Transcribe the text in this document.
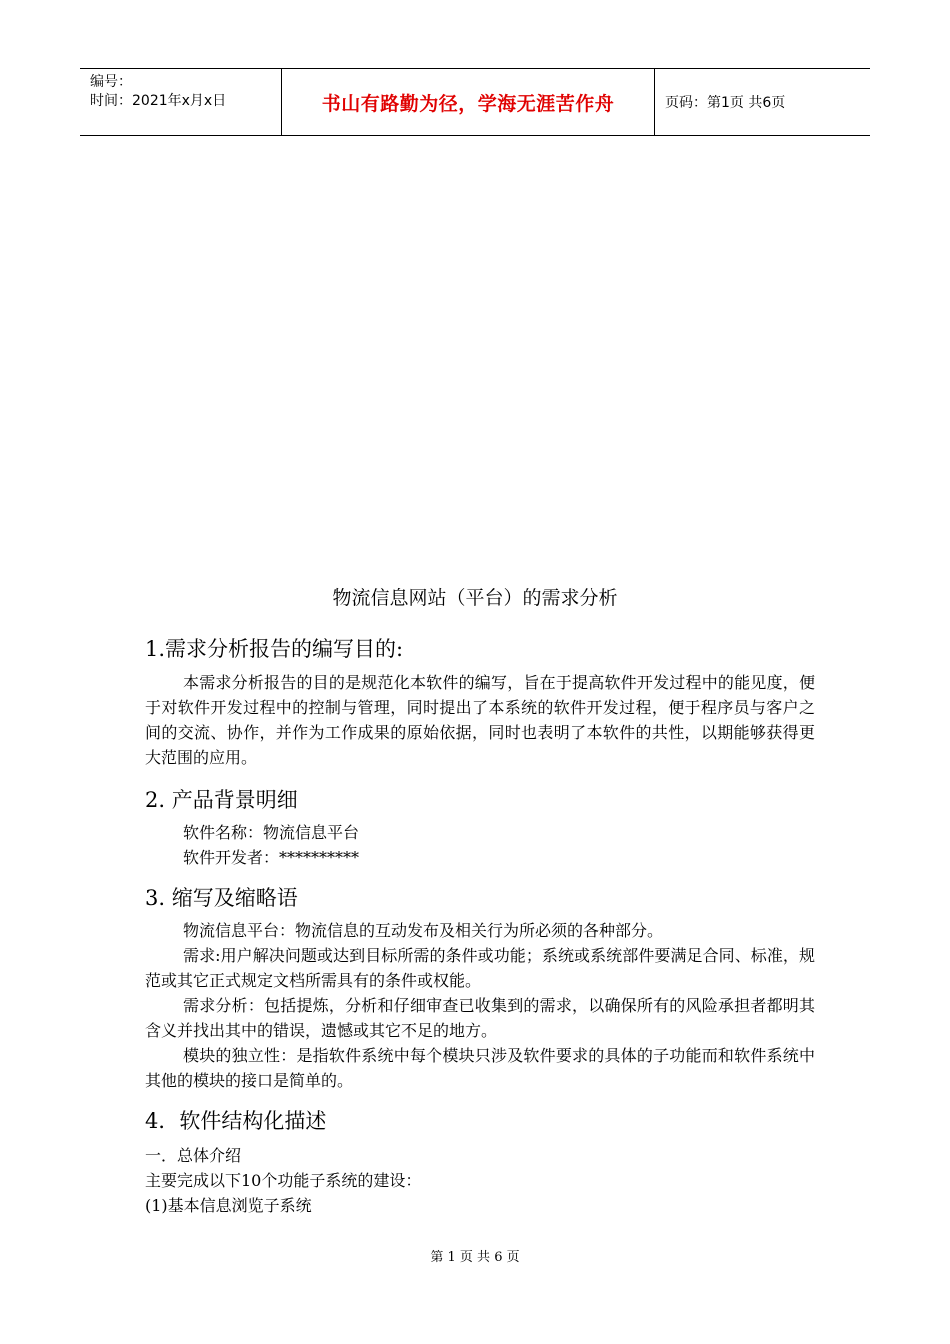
编号：
时间：2021年x月x日	书山有路勤为径，学海无涯苦作舟	页码：第1页 共6页
物流信息网站（平台）的需求分析
1.需求分析报告的编写目的:
本需求分析报告的目的是规范化本软件的编写，旨在于提高软件开发过程中的能见度，便于对软件开发过程中的控制与管理，同时提出了本系统的软件开发过程，便于程序员与客户之间的交流、协作，并作为工作成果的原始依据，同时也表明了本软件的共性，以期能够获得更大范围的应用。
2. 产品背景明细
软件名称：物流信息平台
软件开发者：**********
3. 缩写及缩略语
物流信息平台：物流信息的互动发布及相关行为所必须的各种部分。
需求:用户解决问题或达到目标所需的条件或功能；系统或系统部件要满足合同、标准，规范或其它正式规定文档所需具有的条件或权能。
需求分析：包括提炼，分析和仔细审查已收集到的需求，以确保所有的风险承担者都明其含义并找出其中的错误，遗憾或其它不足的地方。
模块的独立性：是指软件系统中每个模块只涉及软件要求的具体的子功能而和软件系统中其他的模块的接口是简单的。
4．软件结构化描述
一．总体介绍
主要完成以下10个功能子系统的建设：
(1)基本信息浏览子系统
第 1 页 共 6 页
